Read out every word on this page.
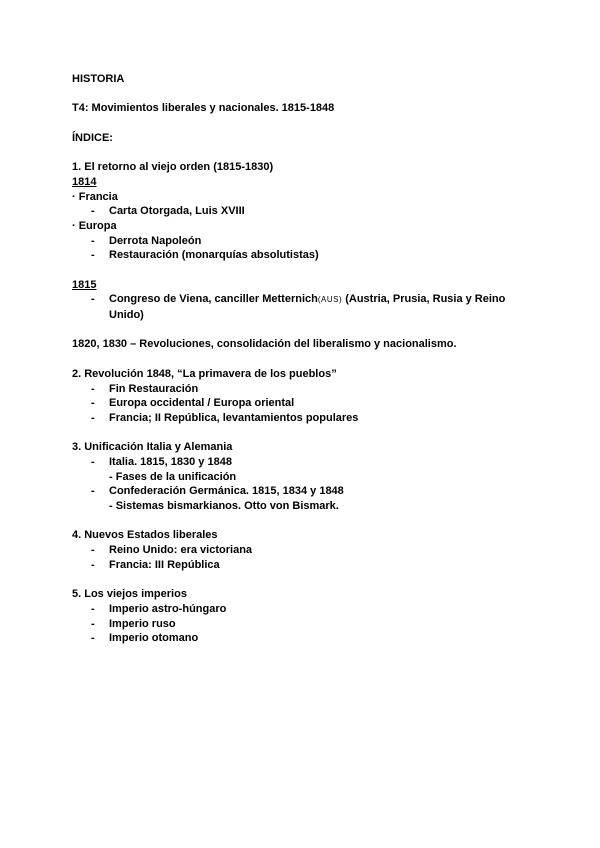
HISTORIA
T4: Movimientos liberales y nacionales. 1815-1848
ÍNDICE:
1. El retorno al viejo orden (1815-1830)
1814
· Francia
- Carta Otorgada, Luis XVIII
· Europa
- Derrota Napoleón
- Restauración (monarquías absolutistas)
1815
- Congreso de Viena, canciller Metternich(AUS) (Austria, Prusia, Rusia y Reino Unido)
1820, 1830 – Revoluciones, consolidación del liberalismo y nacionalismo.
2. Revolución 1848, “La primavera de los pueblos”
- Fin Restauración
- Europa occidental / Europa oriental
- Francia; II República, levantamientos populares
3. Unificación Italia y Alemania
- Italia. 1815, 1830 y 1848
- Fases de la unificación
- Confederación Germánica. 1815, 1834 y 1848
- Sistemas bismarkianos. Otto von Bismark.
4. Nuevos Estados liberales
- Reino Unido: era victoriana
- Francia: III República
5. Los viejos imperios
- Imperio astro-húngaro
- Imperio ruso
- Imperio otomano
